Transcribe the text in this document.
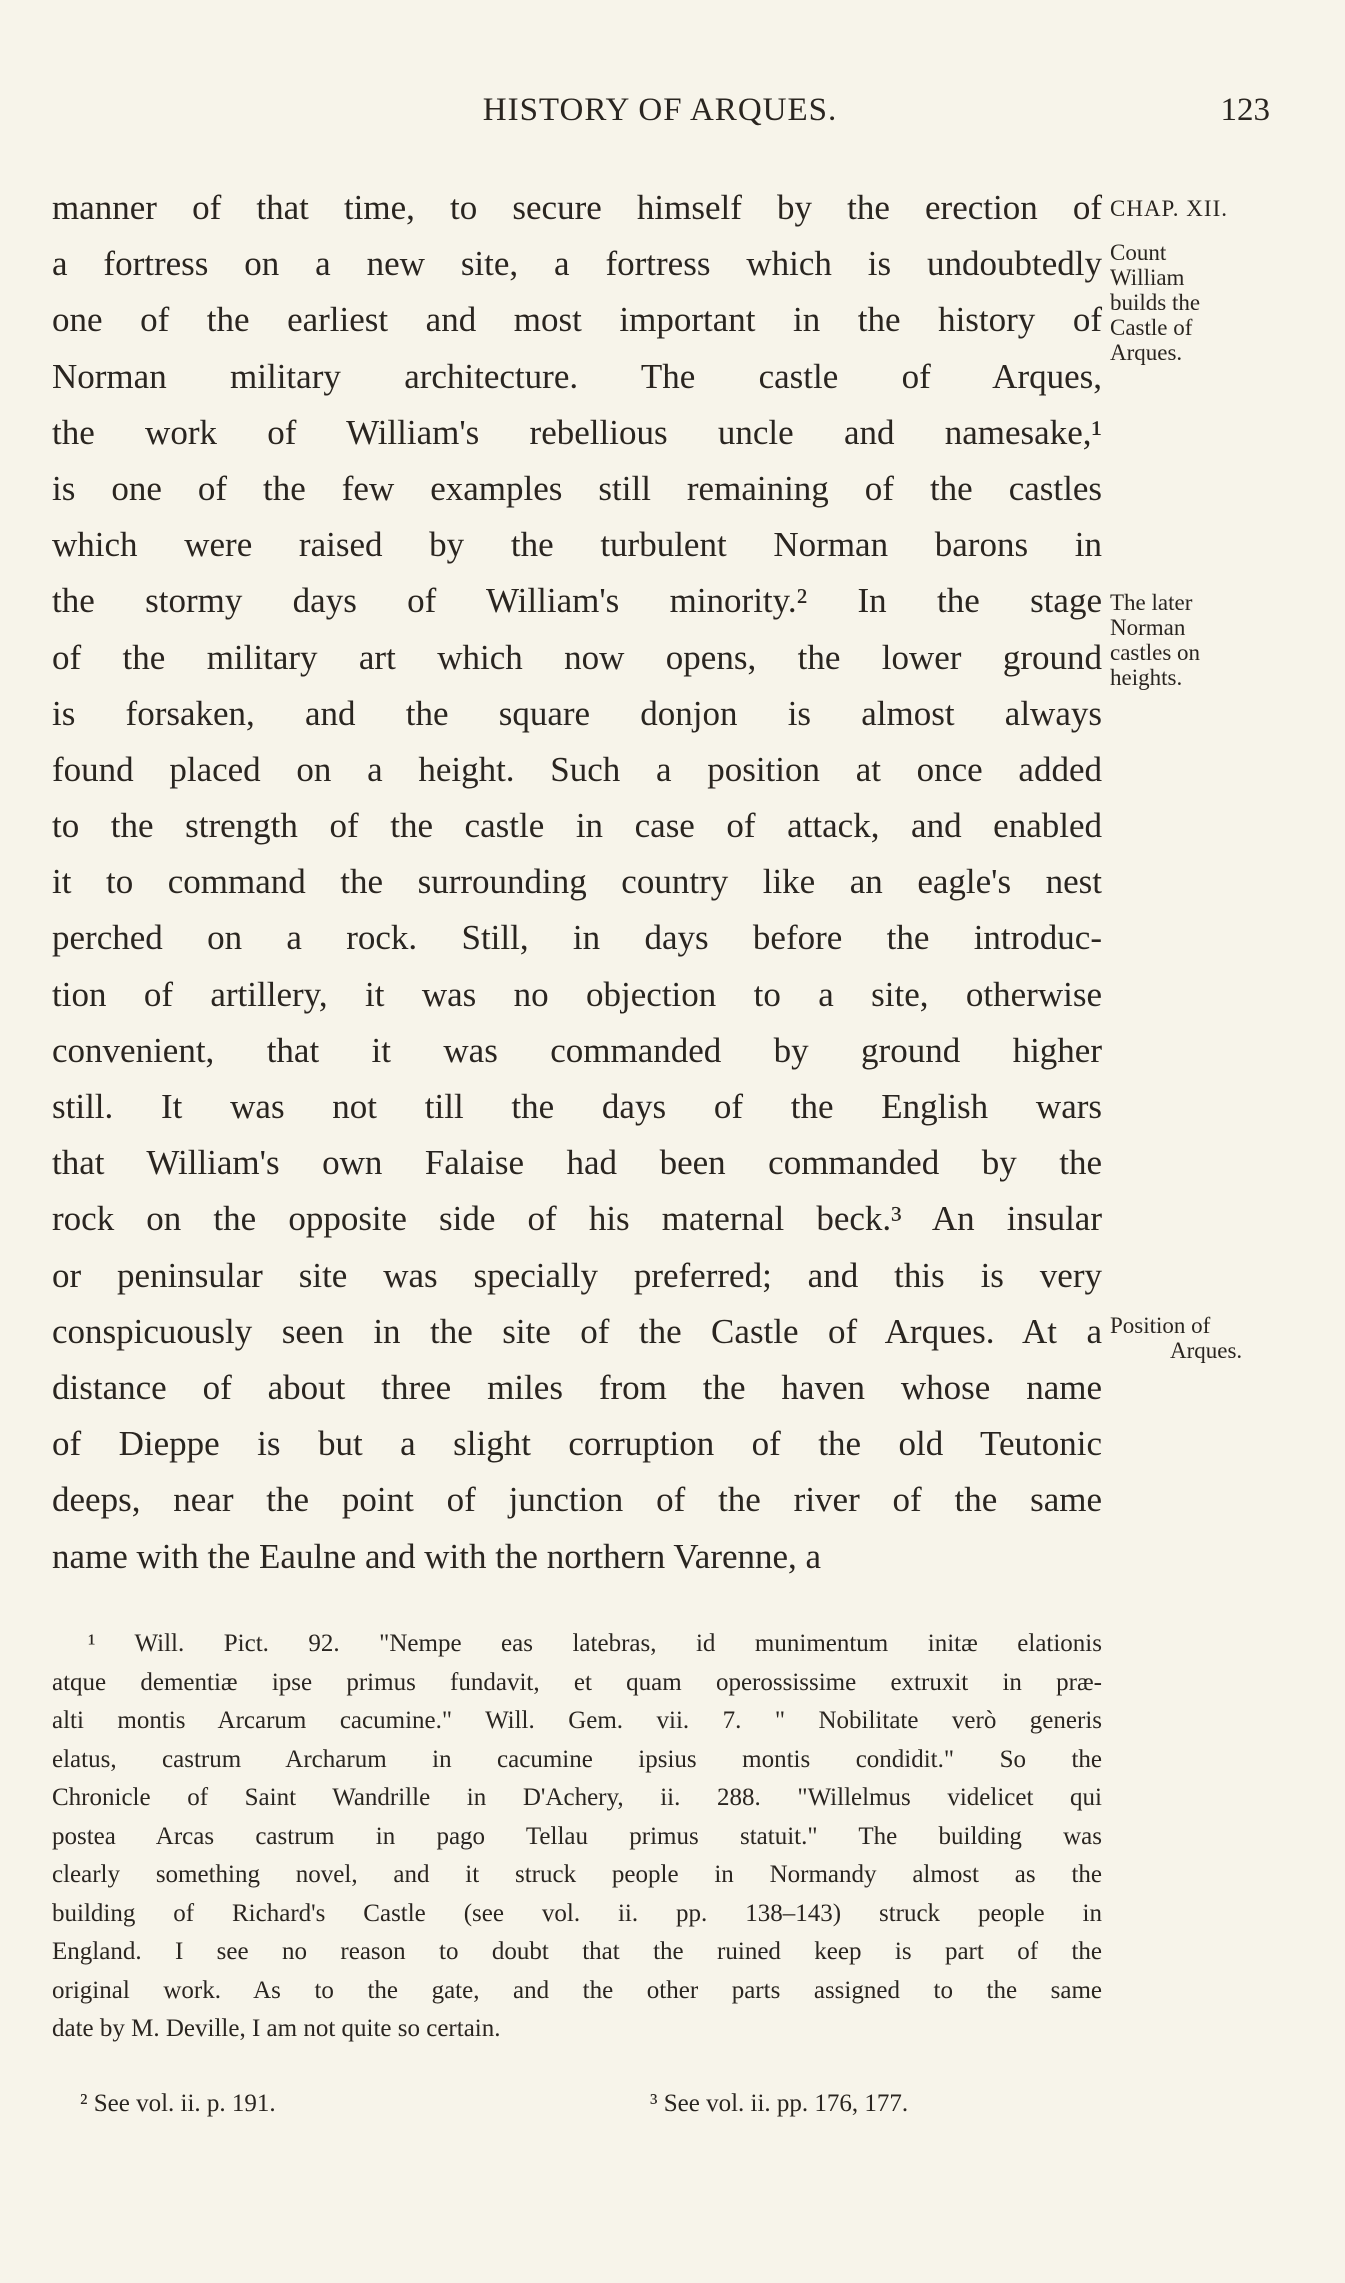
HISTORY OF ARQUES.	123
manner of that time, to secure himself by the erection of
a fortress on a new site, a fortress which is undoubtedly
one of the earliest and most important in the history of
Norman military architecture. The castle of Arques,
the work of William's rebellious uncle and namesake,¹
is one of the few examples still remaining of the castles
which were raised by the turbulent Norman barons in
the stormy days of William's minority.² In the stage
of the military art which now opens, the lower ground
is forsaken, and the square donjon is almost always
found placed on a height. Such a position at once added
to the strength of the castle in case of attack, and enabled
it to command the surrounding country like an eagle's nest
perched on a rock. Still, in days before the introduc-
tion of artillery, it was no objection to a site, otherwise
convenient, that it was commanded by ground higher
still. It was not till the days of the English wars
that William's own Falaise had been commanded by the
rock on the opposite side of his maternal beck.³ An insular
or peninsular site was specially preferred; and this is very
conspicuously seen in the site of the Castle of Arques. At a
distance of about three miles from the haven whose name
of Dieppe is but a slight corruption of the old Teutonic
deeps, near the point of junction of the river of the same
name with the Eaulne and with the northern Varenne, a
CHAP. XII.
Count
William
builds the
Castle of
Arques.
The later
Norman
castles on
heights.
Position of
Arques.
¹ Will. Pict. 92. "Nempe eas latebras, id munimentum initæ elationis
atque dementiæ ipse primus fundavit, et quam operossissime extruxit in præ-
alti montis Arcarum cacumine." Will. Gem. vii. 7. " Nobilitate verò generis
elatus, castrum Archarum in cacumine ipsius montis condidit." So the
Chronicle of Saint Wandrille in D'Achery, ii. 288. "Willelmus videlicet qui
postea Arcas castrum in pago Tellau primus statuit." The building was
clearly something novel, and it struck people in Normandy almost as the
building of Richard's Castle (see vol. ii. pp. 138–143) struck people in
England. I see no reason to doubt that the ruined keep is part of the
original work. As to the gate, and the other parts assigned to the same
date by M. Deville, I am not quite so certain.
² See vol. ii. p. 191.	³ See vol. ii. pp. 176, 177.
